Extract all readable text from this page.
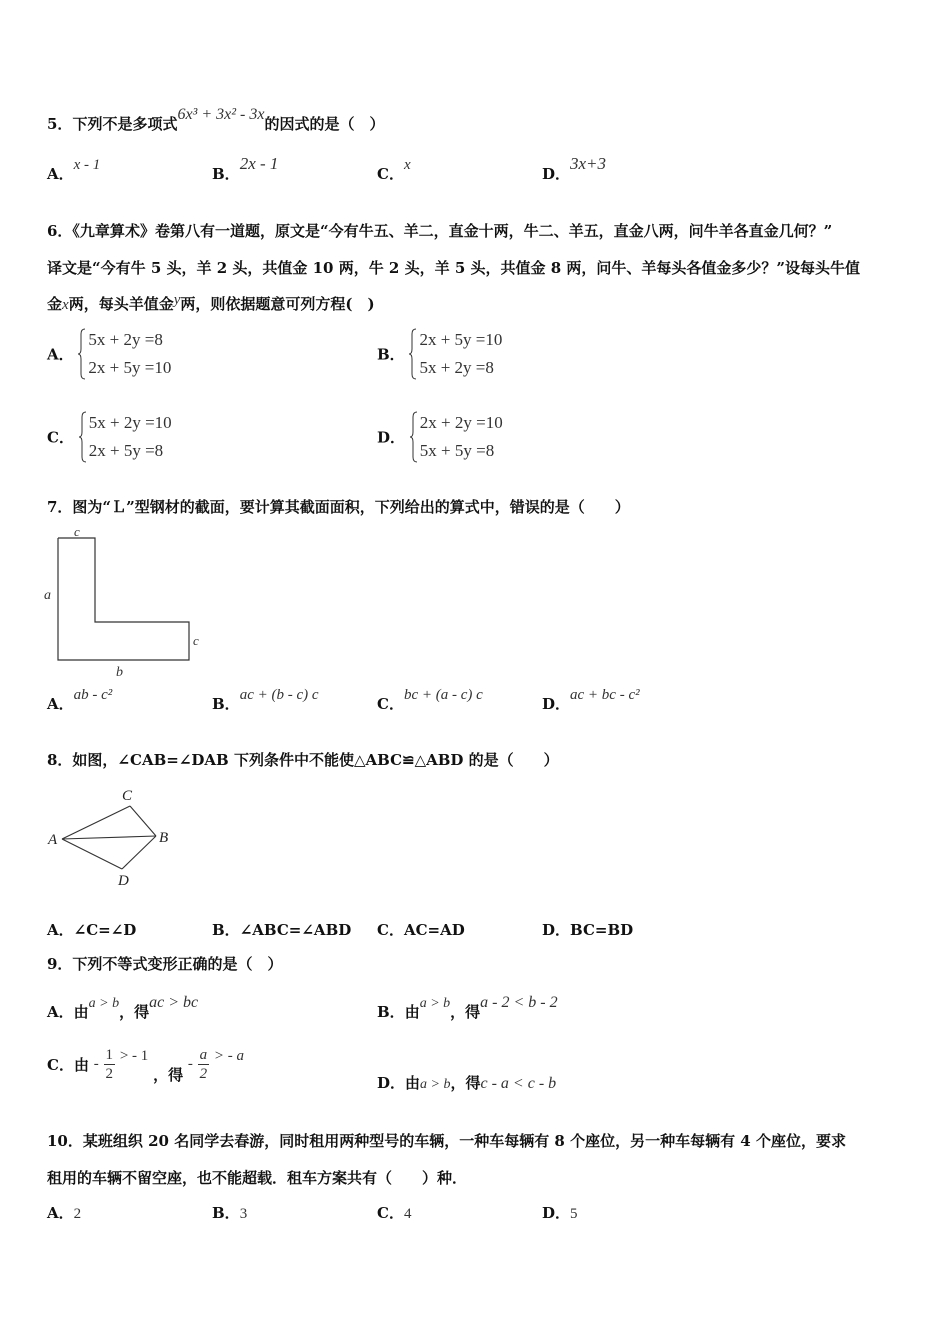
5．下列不是多项式6x³ + 3x² - 3x的因式的是（　）
A．x - 1	B．2x - 1
C．x	D．3x+3
6．《九章算术》卷第八有一道题，原文是“今有牛五、羊二，直金十两，牛二、羊五，直金八两，问牛羊各直金几何？”
译文是“今有牛 5 头，羊 2 头，共值金 10 两，牛 2 头，羊 5 头，共值金 8 两，问牛、羊每头各值金多少？”设每头牛值
金x两，每头羊值金y两，则依据题意可列方程(　)
A．
5x + 2y =8
2x + 5y =10
B．
2x + 5y =10
5x + 2y =8
C．
5x + 2y =10
2x + 5y =8
D．
2x + 2y =10
5x + 5y =8
7．图为“Ｌ”型钢材的截面，要计算其截面面积，下列给出的算式中，错误的是（　　）
c
a
c
b
A．ab - c²	B．ac + (b - c) c	C．bc + (a - c) c	D．ac + bc - c²
8．如图，∠CAB=∠DAB 下列条件中不能使△ABC≌△ABD 的是（　　）
C
A	B
D
A．∠C=∠D	B．∠ABC=∠ABD C．AC=AD	D．BC=BD
9．下列不等式变形正确的是（　）
A．由a > b，得ac > bc
B．由a > b，得a - 2 < b - 2
C．由 - $\frac{1}{2}$ > - 1 ，得 - $\frac{a}{2}$ > - a
D．由a > b，得c - a < c - b
10．某班组织 20 名同学去春游，同时租用两种型号的车辆，一种车每辆有 8 个座位，另一种车每辆有 4 个座位，要求
租用的车辆不留空座，也不能超载．租车方案共有（　　）种．
A．2	B．3	C．4	D．5
